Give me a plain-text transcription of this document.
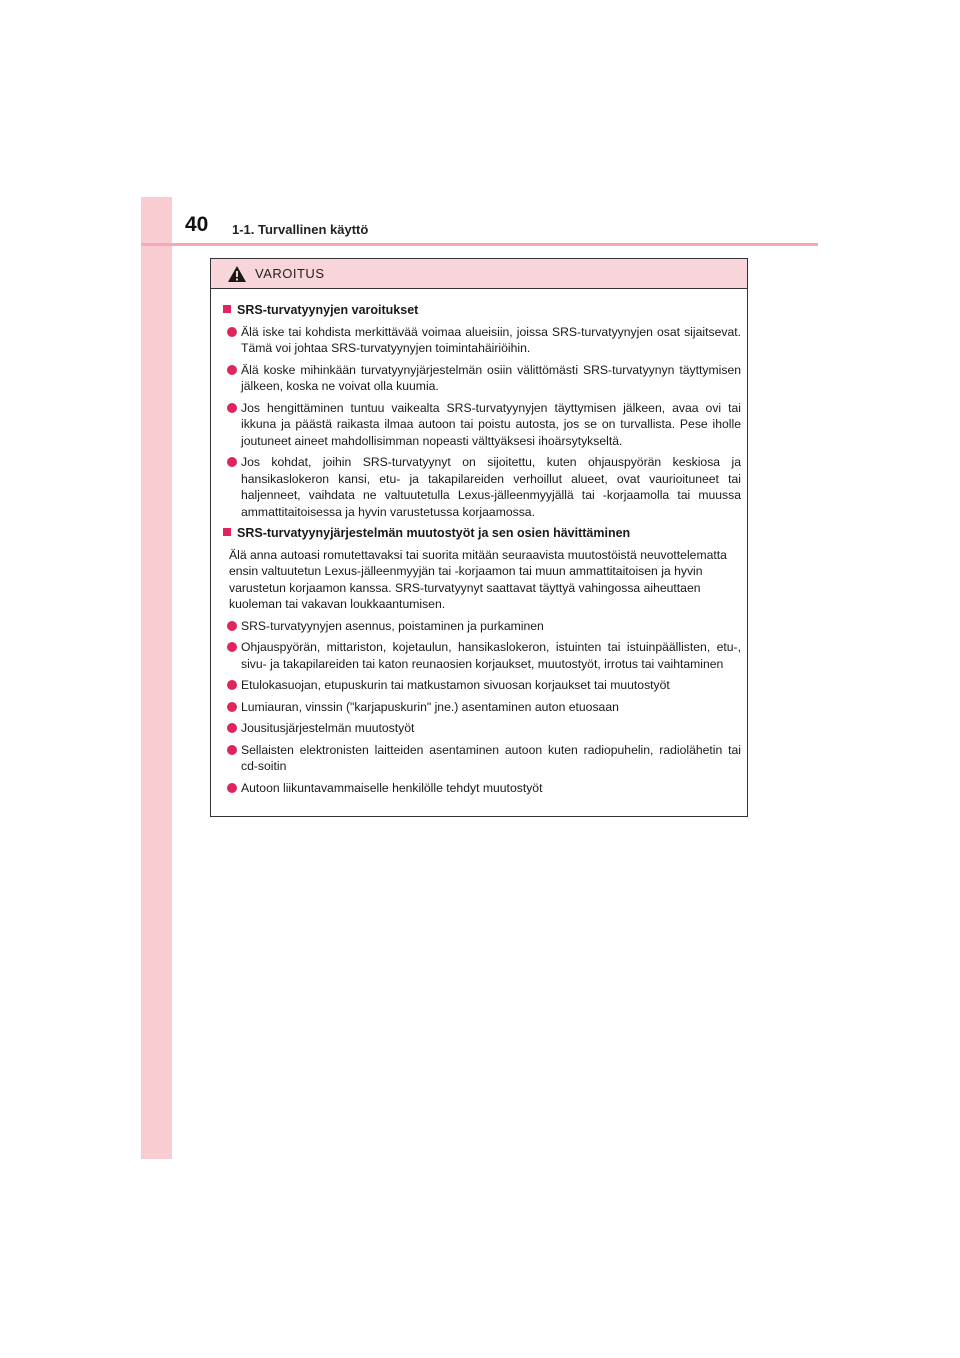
40 1-1. Turvallinen käyttö
VAROITUS
SRS-turvatyynyjen varoitukset
Älä iske tai kohdista merkittävää voimaa alueisiin, joissa SRS-turvatyynyjen osat sijaitsevat. Tämä voi johtaa SRS-turvatyynyjen toimintahäiriöihin.
Älä koske mihinkään turvatyynyjärjestelmän osiin välittömästi SRS-turvatyynyn täyttymisen jälkeen, koska ne voivat olla kuumia.
Jos hengittäminen tuntuu vaikealta SRS-turvatyynyjen täyttymisen jälkeen, avaa ovi tai ikkuna ja päästä raikasta ilmaa autoon tai poistu autosta, jos se on turvallista. Pese iholle joutuneet aineet mahdollisimman nopeasti välttyäksesi ihoärsytykseltä.
Jos kohdat, joihin SRS-turvatyynyt on sijoitettu, kuten ohjauspyörän keskiosa ja hansikaslokeron kansi, etu- ja takapilareiden verhoillut alueet, ovat vaurioituneet tai haljenneet, vaihdata ne valtuutetulla Lexus-jälleenmyyjällä tai -korjaamolla tai muussa ammattitaitoisessa ja hyvin varustetussa korjaamossa.
SRS-turvatyynyjärjestelmän muutostyöt ja sen osien hävittäminen
Älä anna autoasi romutettavaksi tai suorita mitään seuraavista muutostöistä neuvottelematta ensin valtuutetun Lexus-jälleenmyyjän tai -korjaamon tai muun ammattitaitoisen ja hyvin varustetun korjaamon kanssa. SRS-turvatyynyt saattavat täyttyä vahingossa aiheuttaen kuoleman tai vakavan loukkaantumisen.
SRS-turvatyynyjen asennus, poistaminen ja purkaminen
Ohjauspyörän, mittariston, kojetaulun, hansikaslokeron, istuinten tai istuinpäällisten, etu-, sivu- ja takapilareiden tai katon reunaosien korjaukset, muutostyöt, irrotus tai vaihtaminen
Etulokasuojan, etupuskurin tai matkustamon sivuosan korjaukset tai muutostyöt
Lumiauran, vinssin ("karjapuskurin" jne.) asentaminen auton etuosaan
Jousitusjärjestelmän muutostyöt
Sellaisten elektronisten laitteiden asentaminen autoon kuten radiopuhelin, radiolähetin tai cd-soitin
Autoon liikuntavammaiselle henkilölle tehdyt muutostyöt
